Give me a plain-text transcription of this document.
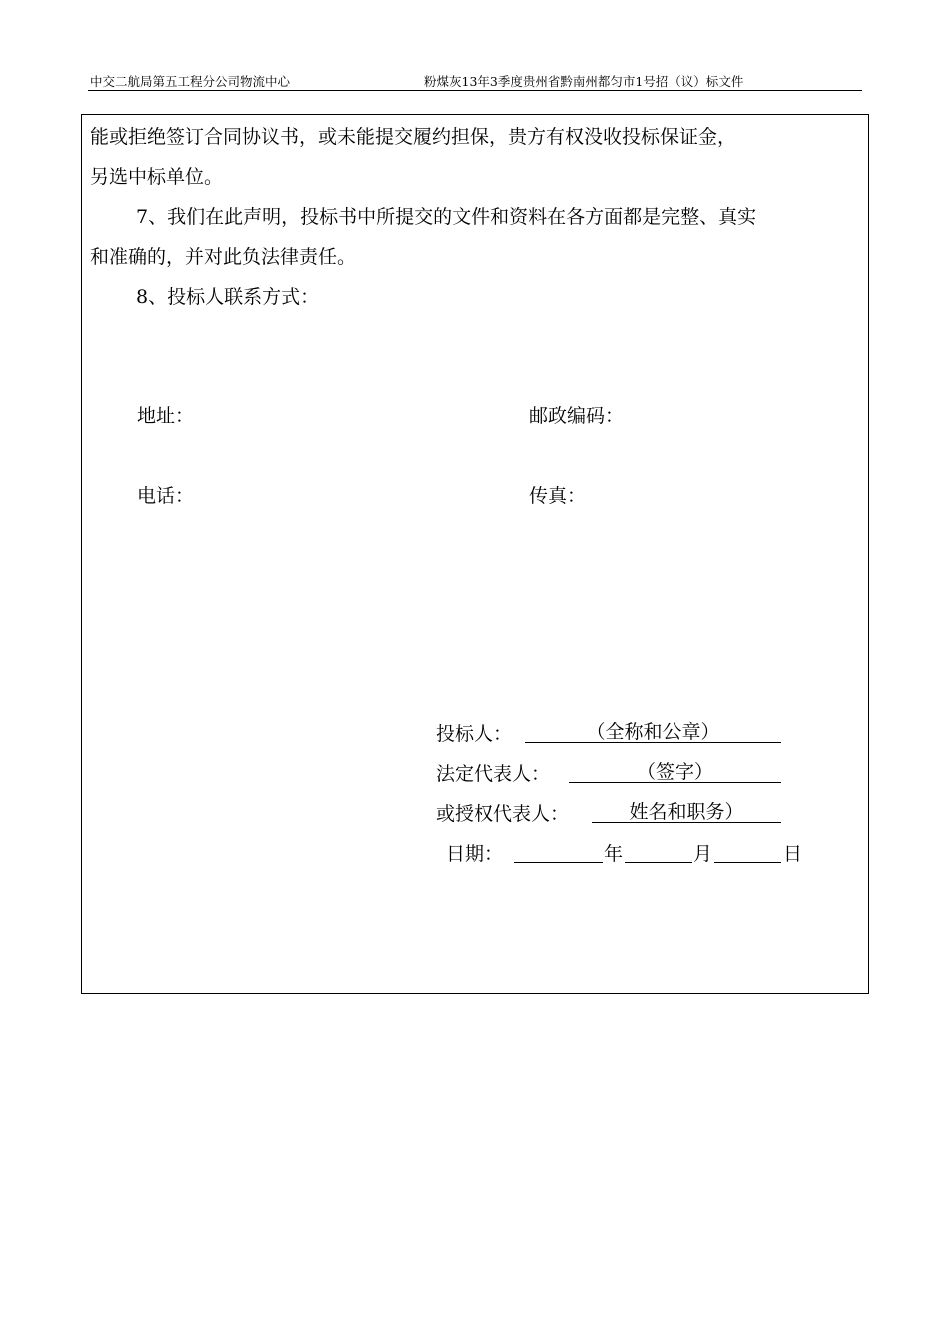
中交二航局第五工程分公司物流中心	粉煤灰13年3季度贵州省黔南州都匀市1号招（议）标文件
能或拒绝签订合同协议书，或未能提交履约担保，贵方有权没收投标保证金，
另选中标单位。
7、我们在此声明，投标书中所提交的文件和资料在各方面都是完整、真实
和准确的，并对此负法律责任。
8、投标人联系方式：
地址：	邮政编码：
电话：	传真：
投标人：	（全称和公章）
法定代表人：	（签字）
或授权代表人：	姓名和职务）
日期：	年	月	日
